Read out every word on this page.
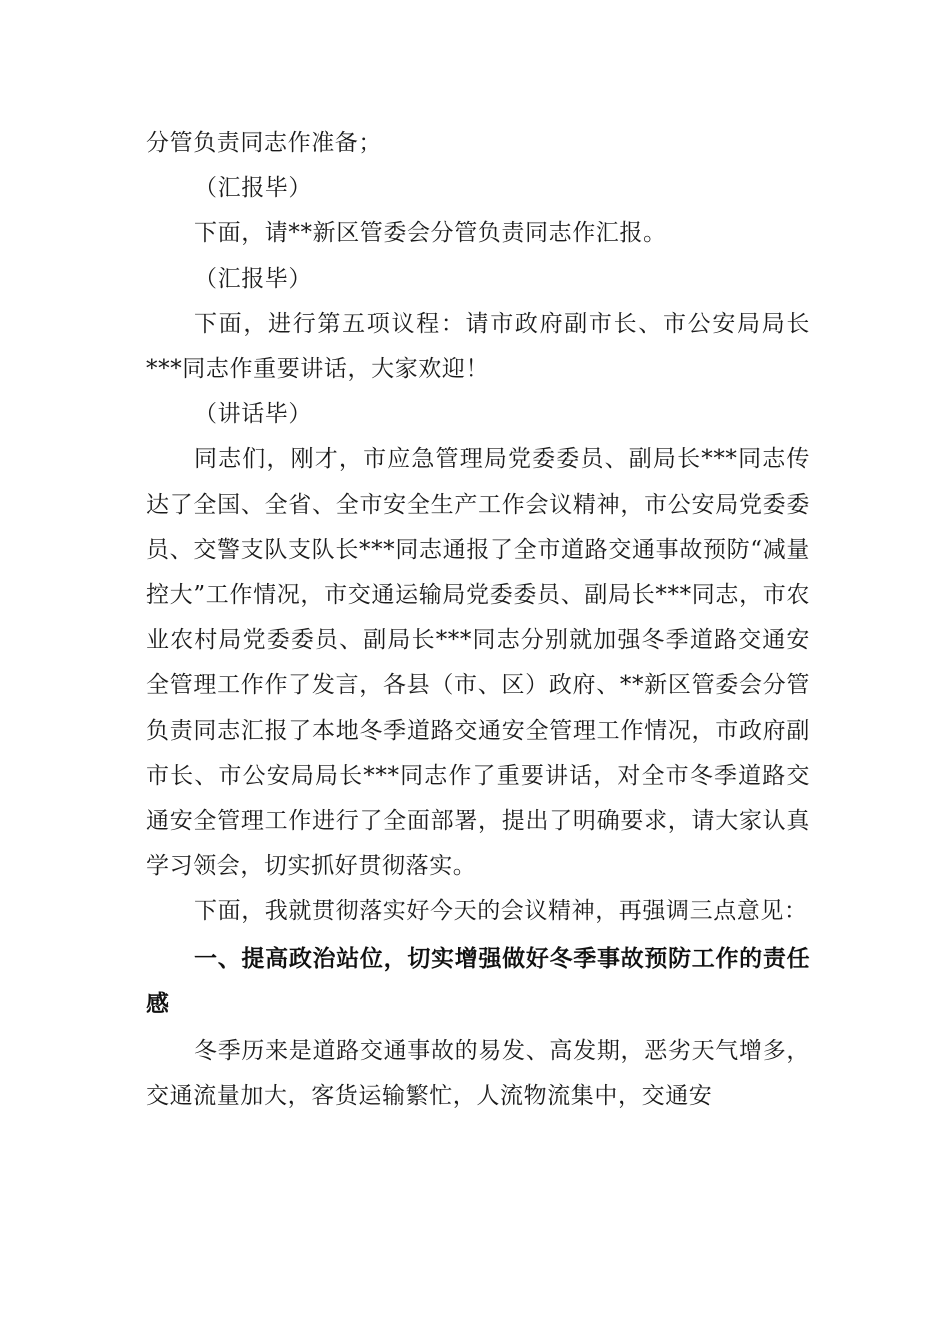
分管负责同志作准备；

（汇报毕）

下面，请**新区管委会分管负责同志作汇报。

（汇报毕）

下面，进行第五项议程：请市政府副市长、市公安局局长***同志作重要讲话，大家欢迎！

（讲话毕）

同志们，刚才，市应急管理局党委委员、副局长***同志传达了全国、全省、全市安全生产工作会议精神，市公安局党委委员、交警支队支队长***同志通报了全市道路交通事故预防“减量控大”工作情况，市交通运输局党委委员、副局长***同志，市农业农村局党委委员、副局长***同志分别就加强冬季道路交通安全管理工作作了发言，各县（市、区）政府、**新区管委会分管负责同志汇报了本地冬季道路交通安全管理工作情况，市政府副市长、市公安局局长***同志作了重要讲话，对全市冬季道路交通安全管理工作进行了全面部署，提出了明确要求，请大家认真学习领会，切实抓好贯彻落实。

下面，我就贯彻落实好今天的会议精神，再强调三点意见：

一、提高政治站位，切实增强做好冬季事故预防工作的责任感

冬季历来是道路交通事故的易发、高发期，恶劣天气增多，交通流量加大，客货运输繁忙，人流物流集中，交通安
